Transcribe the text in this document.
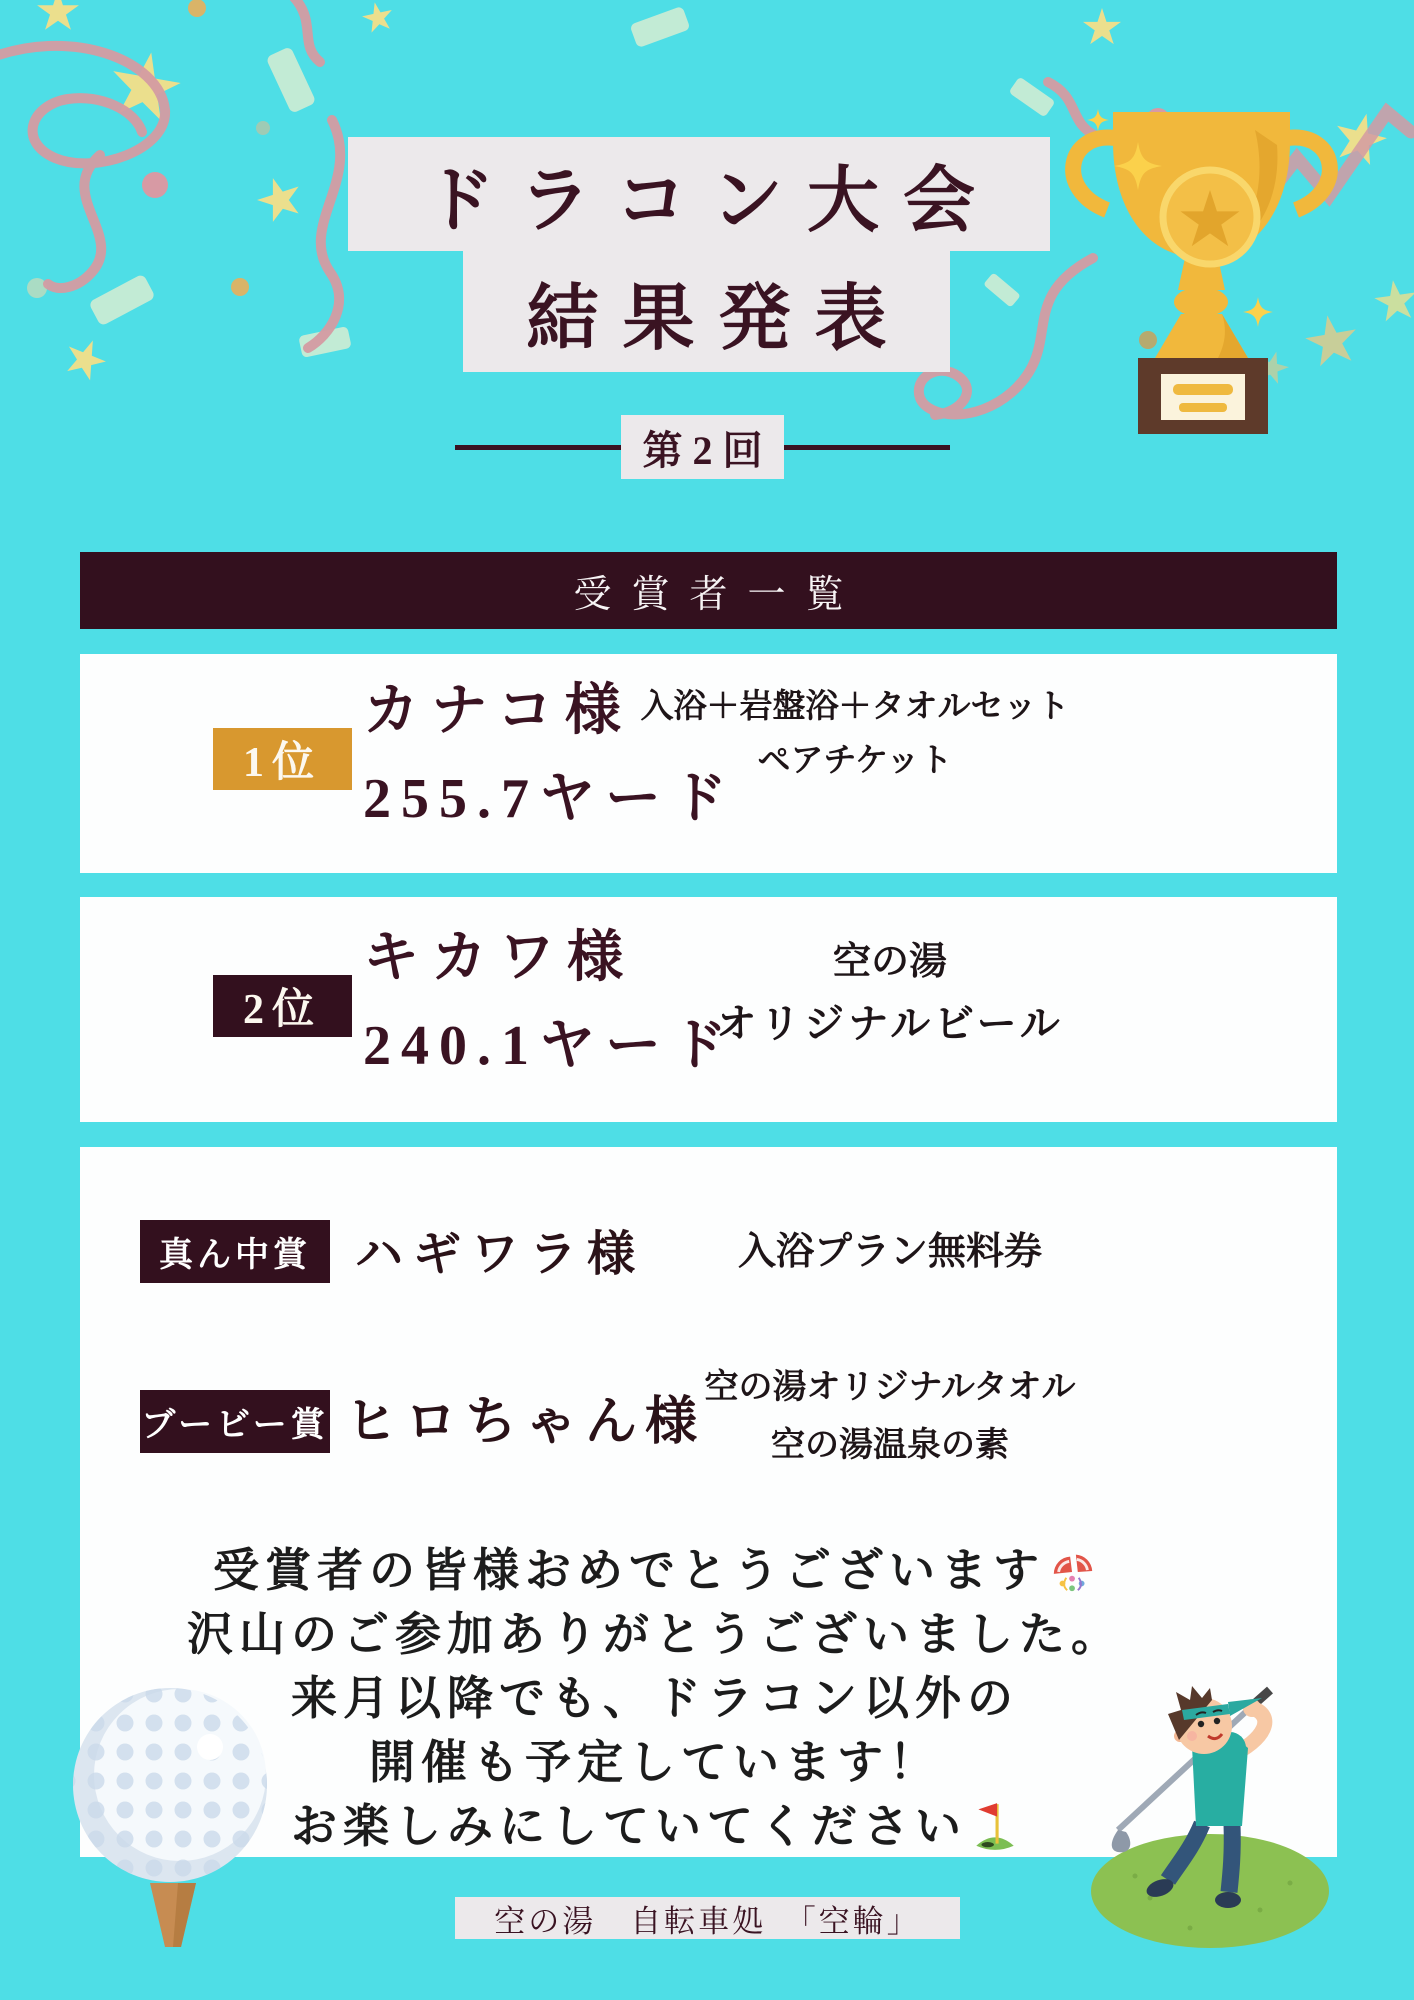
ドラコン大会
結果発表
第2回
受賞者一覧
1位
カナコ様
255.7ヤード
入浴＋岩盤浴＋タオルセット
ペアチケット
2位
キカワ様
240.1ヤード
空の湯
オリジナルビール
真ん中賞 ハギワラ様	入浴プラン無料券
ブービー賞 ヒロちゃん様
空の湯オリジナルタオル
空の湯温泉の素
受賞者の皆様おめでとうございます
沢山のご参加ありがとうございました。
来月以降でも、ドラコン以外の
開催も予定しています！
お楽しみにしていてください
空の湯　自転車処　「空輪」
